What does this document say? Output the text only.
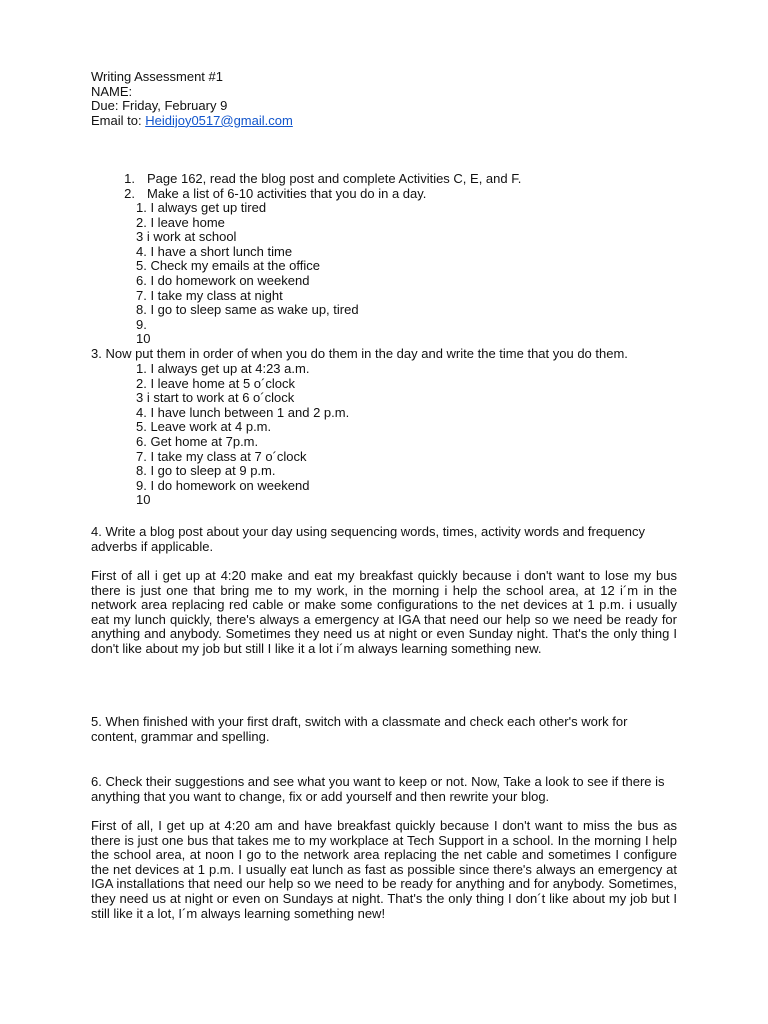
Writing Assessment #1
NAME:
Due: Friday, February 9
Email to: Heidijoy0517@gmail.com
1. Page 162, read the blog post and complete Activities C, E, and F.
2. Make a list of 6-10 activities that you do in a day.
1. I always get up tired
2. I leave home
3 i work at school
4. I have a short lunch time
5. Check my emails at the office
6. I do homework on weekend
7. I take my class at night
8. I go to sleep same as wake up, tired
9.
10
3. Now put them in order of when you do them in the day and write the time that you do them.
1. I always get up at 4:23 a.m.
2. I leave home at 5 o´clock
3 i start to work at 6 o´clock
4. I have lunch between 1 and 2 p.m.
5. Leave work at 4 p.m.
6. Get home at 7p.m.
7. I take my class at 7 o´clock
8. I go to sleep at 9 p.m.
9. I do homework on weekend
10
4. Write a blog post about your day using sequencing words, times, activity words and frequency adverbs if applicable.
First of all i get up at 4:20 make and eat my breakfast quickly because i don't want to lose my bus there is just one that bring me to my work, in the morning i help the school area, at 12 i´m in the network area replacing red cable or make some configurations to the net devices at 1 p.m. i usually eat my lunch quickly, there's always a emergency at IGA that need our help so we need be ready for anything and anybody. Sometimes they need us at night or even Sunday night. That's the only thing I don't like about my job but still I like it a lot i´m always learning something new.
5. When finished with your first draft, switch with a classmate and check each other's work for content, grammar and spelling.
6. Check their suggestions and see what you want to keep or not. Now, Take a look to see if there is anything that you want to change, fix or add yourself and then rewrite your blog.
First of all, I get up at 4:20 am and have breakfast quickly because I don't want to miss the bus as there is just one bus that takes me to my workplace at Tech Support in a school. In the morning I help the school area, at noon I go to the network area replacing the net cable and sometimes I configure the net devices at 1 p.m. I usually eat lunch as fast as possible since there's always an emergency at IGA installations that need our help so we need to be ready for anything and for anybody. Sometimes, they need us at night or even on Sundays at night. That's the only thing I don´t like about my job but I still like it a lot, I´m always learning something new!
